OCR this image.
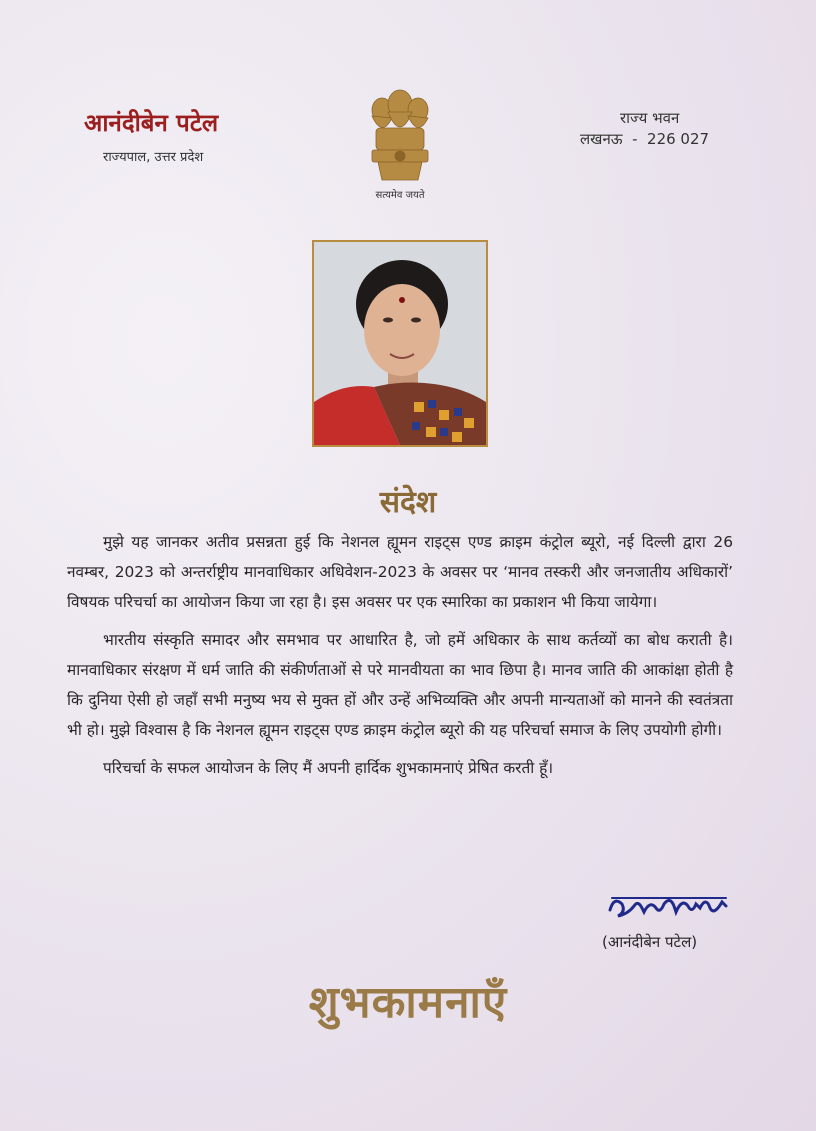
आनंदीबेन पटेल
राज्यपाल, उत्तर प्रदेश
सत्यमेव जयते
राज्य भवन
लखनऊ  -  226 027
संदेश

मुझे यह जानकर अतीव प्रसन्नता हुई कि नेशनल ह्यूमन राइट्स एण्ड क्राइम कंट्रोल ब्यूरो, नई दिल्ली द्वारा 26 नवम्बर, 2023 को अन्तर्राष्ट्रीय मानवाधिकार अधिवेशन-2023 के अवसर पर ‘मानव तस्करी और जनजातीय अधिकारों’ विषयक परिचर्चा का आयोजन किया जा रहा है। इस अवसर पर एक स्मारिका का प्रकाशन भी किया जायेगा।

भारतीय संस्कृति समादर और समभाव पर आधारित है, जो हमें अधिकार के साथ कर्तव्यों का बोध कराती है। मानवाधिकार संरक्षण में धर्म जाति की संकीर्णताओं से परे मानवीयता का भाव छिपा है। मानव जाति की आकांक्षा होती है कि दुनिया ऐसी हो जहाँ सभी मनुष्य भय से मुक्त हों और उन्हें अभिव्यक्ति और अपनी मान्यताओं को मानने की स्वतंत्रता भी हो। मुझे विश्वास है कि नेशनल ह्यूमन राइट्स एण्ड क्राइम कंट्रोल ब्यूरो की यह परिचर्चा समाज के लिए उपयोगी होगी।

परिचर्चा के सफल आयोजन के लिए मैं अपनी हार्दिक शुभकामनाएं प्रेषित करती हूँ।

(आनंदीबेन पटेल)
शुभकामनाएँ
